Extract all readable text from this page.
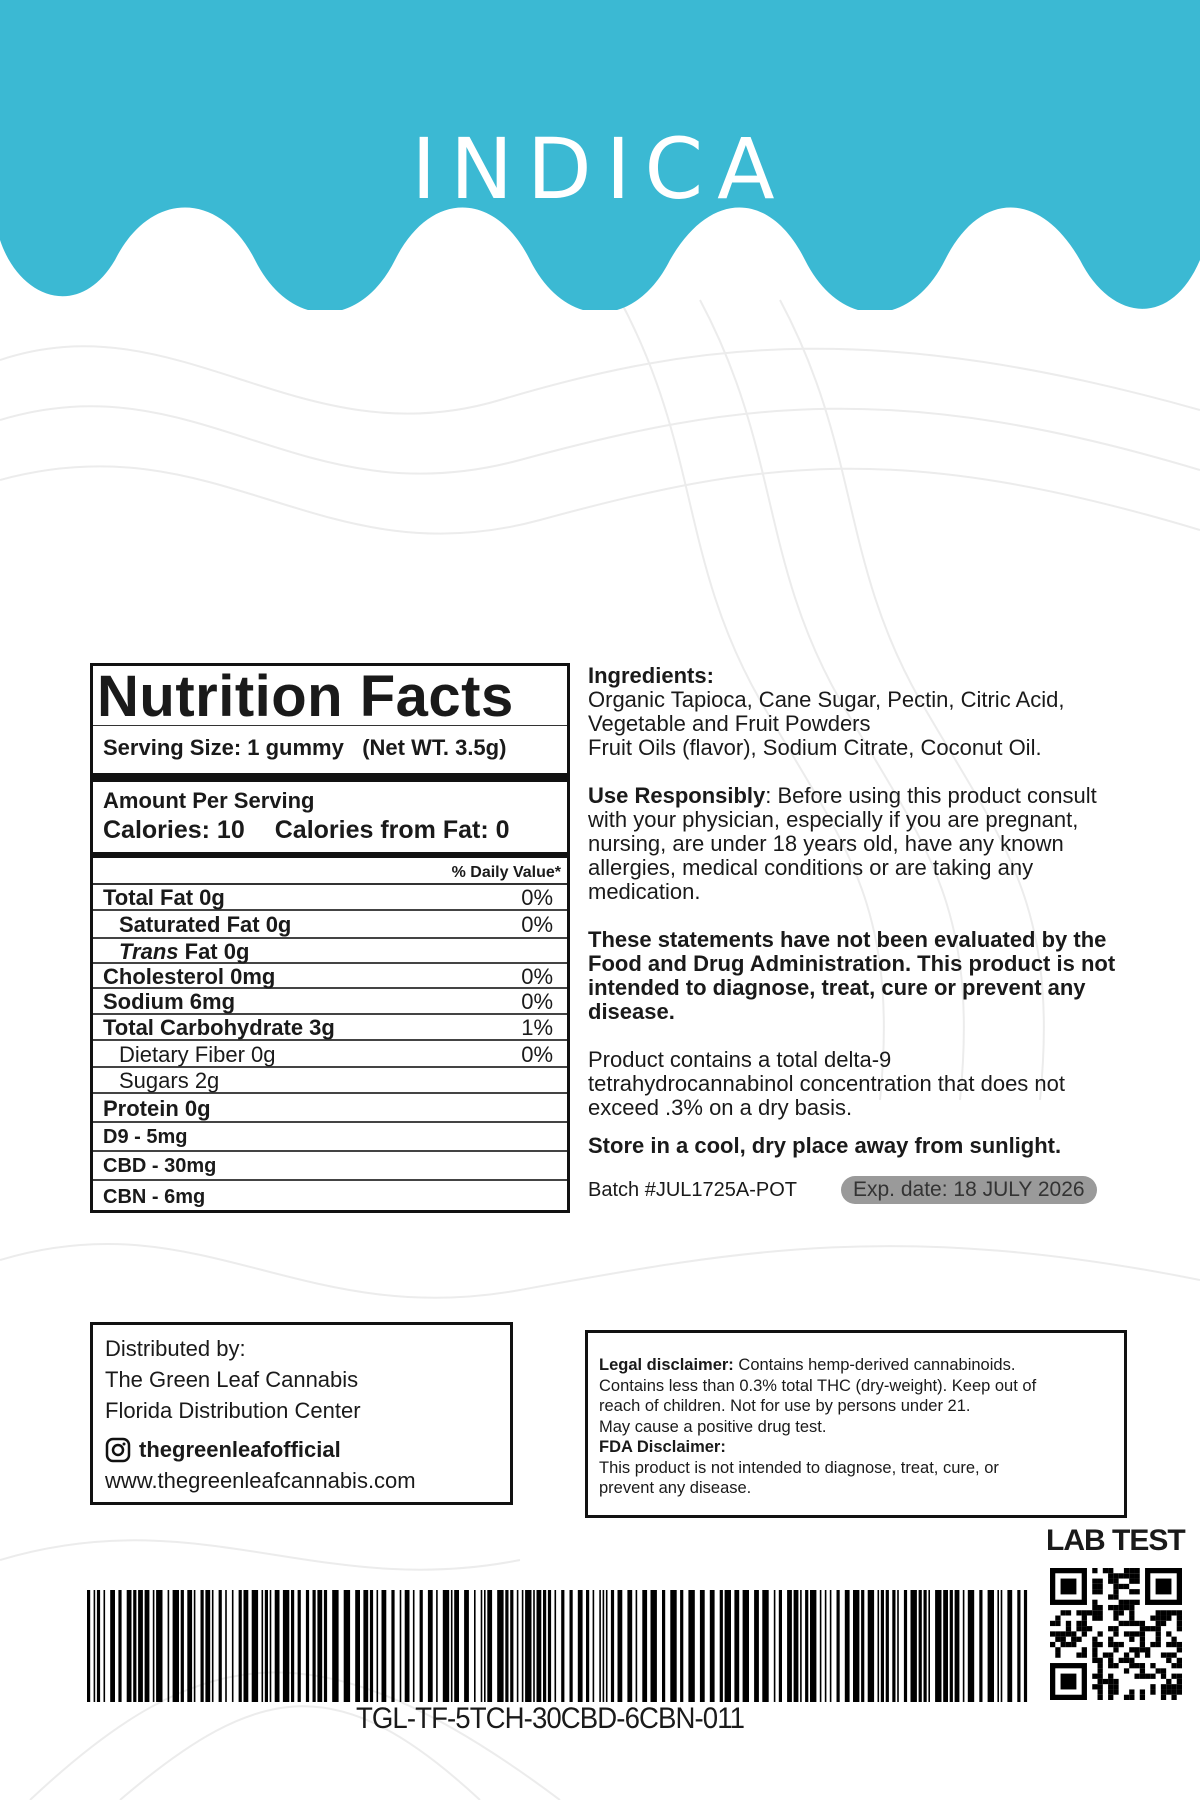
INDICA
Nutrition Facts
Serving Size: 1 gummy (Net WT. 3.5g)
Amount Per Serving
Calories: 10 Calories from Fat: 0
% Daily Value*
Total Fat 0g	0%
Saturated Fat 0g	0%
Trans Fat 0g
Cholesterol 0mg	0%
Sodium 6mg	0%
Total Carbohydrate 3g	1%
Dietary Fiber 0g	0%
Sugars 2g
Protein 0g
D9 - 5mg
CBD - 30mg
CBN - 6mg

Ingredients:

Organic Tapioca, Cane Sugar, Pectin, Citric Acid,

Vegetable and Fruit Powders

Fruit Oils (flavor), Sodium Citrate, Coconut Oil.

Use Responsibly: Before using this product consult

with your physician, especially if you are pregnant,

nursing, are under 18 years old, have any known

allergies, medical conditions or are taking any

medication.

These statements have not been evaluated by the

Food and Drug Administration. This product is not

intended to diagnose, treat, cure or prevent any

disease.

Product contains a total delta-9

tetrahydrocannabinol concentration that does not

exceed .3% on a dry basis.

Store in a cool, dry place away from sunlight.

Batch #JUL1725A-POT	Exp. date: 18 JULY 2026
Distributed by:
The Green Leaf Cannabis
Florida Distribution Center
thegreenleafofficial
www.thegreenleafcannabis.com

Legal disclaimer: Contains hemp-derived cannabinoids.

Contains less than 0.3% total THC (dry-weight). Keep out of

reach of children. Not for use by persons under 21.

May cause a positive drug test.

FDA Disclaimer:

This product is not intended to diagnose, treat, cure, or

prevent any disease.

LAB TEST
TGL-TF-5TCH-30CBD-6CBN-011
